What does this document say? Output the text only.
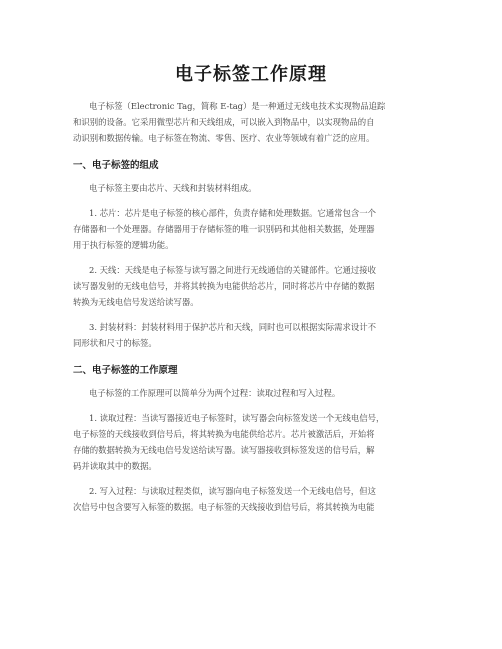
电子标签工作原理
电子标签（Electronic Tag，简称 E-tag）是一种通过无线电技术实现物品追踪
和识别的设备。它采用微型芯片和天线组成，可以嵌入到物品中，以实现物品的自
动识别和数据传输。电子标签在物流、零售、医疗、农业等领域有着广泛的应用。
一、电子标签的组成
电子标签主要由芯片、天线和封装材料组成。
1. 芯片：芯片是电子标签的核心部件，负责存储和处理数据。它通常包含一个
存储器和一个处理器。存储器用于存储标签的唯一识别码和其他相关数据，处理器
用于执行标签的逻辑功能。
2. 天线：天线是电子标签与读写器之间进行无线通信的关键部件。它通过接收
读写器发射的无线电信号，并将其转换为电能供给芯片，同时将芯片中存储的数据
转换为无线电信号发送给读写器。
3. 封装材料：封装材料用于保护芯片和天线，同时也可以根据实际需求设计不
同形状和尺寸的标签。
二、电子标签的工作原理
电子标签的工作原理可以简单分为两个过程：读取过程和写入过程。
1. 读取过程：当读写器接近电子标签时，读写器会向标签发送一个无线电信号，
电子标签的天线接收到信号后，将其转换为电能供给芯片。芯片被激活后，开始将
存储的数据转换为无线电信号发送给读写器。读写器接收到标签发送的信号后，解
码并读取其中的数据。
2. 写入过程：与读取过程类似，读写器向电子标签发送一个无线电信号，但这
次信号中包含要写入标签的数据。电子标签的天线接收到信号后，将其转换为电能
